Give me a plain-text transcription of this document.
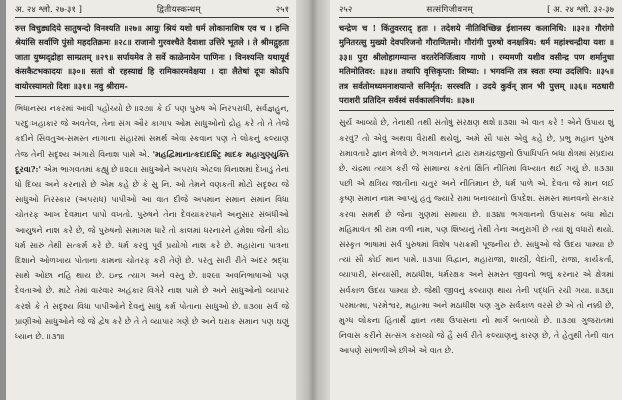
अ. २४ श्लो. २७-३१ ]	द्वितीयस्कन्धम्	२५१

रुत्त विचुड्यदिये सातुषन्दो विनश्यति ॥२७॥ आयुः श्रियं यशो धर्म लोकानाशिष एव च । हन्ति श्रेयांसि सर्वाणि पुंसो महदतिक्रमः ॥२८॥ राजानो गुरवश्चैते दैवाशा उत्तिरे भूतले । ते श्रीमद्गुहता जाता युष्मद्द्रोहा साम्प्रतम् ॥२९॥ सर्पायमेव ते सर्वे काळेनायेन पाणिनः । विनश्यन्ति यथायूर्व कंसकैटभकादयः ॥३०॥ सतां वो रहस्याद्यं हि रामिकारमवेक्षया । दाः लैतेषां दूपः कोऽपि वायोरस्यामतो दिशः ॥३१॥ नवु श्रीराम-

ભિધાનસ્ય નકરમાં આવી પહોચ્યો છે ॥૨૭॥ કે ઈ પણ પુરુષ એ નિરપરાધી, સર્વજ્ઞહુન, પરદુઃખહાકાર જે અવતેલ, તેના સંગ ઔર કાગાપ ઓમ સાધુઓનો દ્રોહ કરે તો તે તેજે કદીને સિવતુઅ-સમસ્ત નાગાના સંહારમાં સમર્થ એવા સ્કવાન પણ તે લોકનું કલ્યાણ તેજ તેની સદૃશ્ય અંગારો વિનાશ પામે એ. 'મહદ્વિમાનાત્કદાદશ્ટ્રિ માદક મહાગુણ્યુક્તિ દૂરવા?:' એમ ભાગવતમાં કહ્યું છે ॥૨૮॥ સાધુઓને અપરાધ એટલા વિનાશમાં દેખાડું તેનાં ધો દિવ્ય અને કરનારો છે એમ કહે છે કે સુ નિ. ઓ તેમને વણકતી મોટો સદૃશ્ય જે સાધુઓ તિરસ્કાર (અપરાધ) પાપીઓ આ વાત દીજે અપમાન સમાન સમાન વિધા ચોતરફ આખ દેવમાન પાપો વખતો. પુરુષને તેના દેવયાકરપાને અનુસાર સંબંધીઓ આયુષને નાશ કરે છે, જે પુરુષનો સમાગમ ધારે તો કાલમાં ધરનારને હંમેશા જેની કોઇ ધર્મ સારું તેથી સત્કર્મ કરે છે. ધર્મ કરવું પૂર્વ પ્રયોગો નાશ કરે છે. મહારાના પાત્રના દિશાને ઓળખાય પોતાના કામના ચોતરફ કરી તેણે છે. પરંતુ સારી રીતે અંદર શ્રદ્ધા સાથે ઓછા નહિ થાય છે. ઇન્દ્ર ત્યાગ અને વસ્તુ છે. ॥૨૯॥ અવનિભાષાઓ પણ દેવતાઓ છે. માટે તેમાં વારંવાર અહંકાર વિગેરે નાશ પામે છે અને સાધુઓનો વ્યાપાર કરશે કે તે સદૃશ્ય વિધા પાપીઓને દેવનું સાધુ કર્મ પોતાના સાધુઓ છે. ॥૩૦॥ સર્વ જે પ્રાણીઓ સાધુઓને જે જે દ્વેષ કરે છે તે તે વ્યાપાર ગણે છે અને ઘરાક સમાન પણ ઘણું ધ્યાન છે. ॥૩૧॥

२५२	सत्संगिजीवनम्	[ अ. २४ श्लो. ३२-३७

चन्द्रेण च ! किंतुवरराद् हतः । तदेशये नीतिविच्छिन्न ईशानस्य कलानिधि: ॥३२॥ गौरांगो मुनितरत्सु मुख्यो देवपरिजनो गौराणितमो। गौरांगी पुरुषो वनक्षत्रिय: धर्म महांश्चन्द्रीया यशः ॥३३॥ पुरा श्रीलोहागम्यान्त वरतरेनिर्जित्वाय गाणो । रम्यमणी यशीव वसीन्द्र पण शर्मानुधा मतिमोतिवर: ॥३४॥ तथापि वृत्तिकृप्ता: शिष्या: । भगवन्ति तत्र स्वतः रम्या उदलिपि: ॥३५॥ तत्र सर्वतोमध्यमनाशयान्ते सनिर्मृत: सरस्वति । उदये कुर्वन् ज्ञान भी पुत्तम् ॥३६॥ मठधारी पराशरी प्रतिदिन सर्वस्वं सर्वकालनिर्णय: ॥३७॥

સુર્ય આવ્યો છે, તેનાથી તથી સંતોષું સંરક્ષણ થશે ॥૩૨॥ એ વાત કરે ! એને ઉપાય શું કરવું? તો એવું અથવા વૈરાથી થયેલું, અમે સૌ પાસ એવું કહે છે, પ્રભુ મહાન પુરુષ રામાવતારે જ્ઞાન મેળવે છે. ભગવાનને દ્વારા રામચંદ્રજીનો ઉપાધિપતિ બધા ક્ષેત્રમાં સંપ્રદાય છે. ચંદ્રમા ત્યાગ કરી જે સામાન્ય કરતાં ક્ષિતિ નીતિમાં વિખ્યાત થઈ ગયું છે. ॥૩૩॥ પછી એ ક્ષત્રિય જાતીના ચતુર અને નીતિમાન છે, ધર્મ પાળે એ. દેવતા જે માન લઈ કૃષ્ણ સમાન નામ આપ્યું હતું જ્યારે રામા બનાવ્યાનો ઉપદેશ. સમસ્ત માનવનો સત્કાર કરવા સમર્થ છે જેના ગુણમાં સમાયા છે. ॥૩૪॥ ભગવાનનો ઉપાસક બધા મોટા મહિમાવંત શ્રી રામ વળી નામ, પણ શિષ્યનું તેથી તેના અનુરાગી છે ત્યાં શું વધારો થયો. સંસ્કૃત ભાષામાં સર્વ પુરુષમાં વિશેષ પરાક્રમી પૂજનીય છે. સાધુઓ જે ઉદય પામ્યા છે ત્યાં સૌ કોઈ માન પામે. ॥૩૫॥ વિદ્વાન, મહારાજા, શાસ્ત્રી, વેદાંતી, રાજા, કાર્યકર્તા, વ્યાપારી, સંન્યાસી, મઠાધીશ, ધર્મરક્ષક અને સમસ્ત જીવનો ભલું કરનાર એ ક્ષેત્રમાં સર્વકાળ ઉદય પામ્યા છે. જેથી જીવનું કલ્યાણ થાય તેની પદ્ધતિ રચી ગયા. ॥૩૬॥ પરમાત્મા, પરમેશ્વર, મહાત્મા અને મઠાધીશ પણ ગુરુ સર્વકાળ વરસે છે એ તો નક્કી છે, મુગ્ધ લોકના હિતાર્થે જ્ઞાન તથા ઉપાસના નો માર્ગ બતાવ્યો છે. ॥૩૭॥ ગુજરાતમાં નિવાસ કરીને સત્સંગ કરાવ્યો જે હૈ સર્વ રીતે કલ્યાણનું કારણ છે, તે હેતુથી તેની વાત આપણે સાંભળીએ છીએ એ વાત છે.
